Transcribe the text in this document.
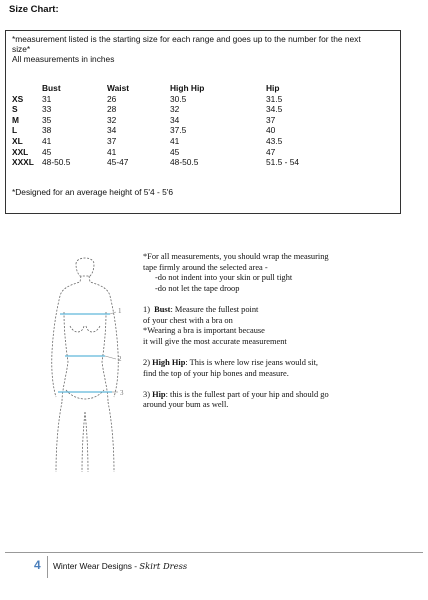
Size Chart:

*measurement listed is the starting size for each range and goes up to the number for the next

size*

All measurements in inches

Bust	Waist	High Hip	Hip
XS 31	26	30.5	31.5
S	33	28	32	34.5
M	35	32	34	37
L	38	34	37.5	40
XL 41	37	41	43.5
XXL 45	41	45	47
XXXL 48-50.5	45-47	48-50.5	51.5 - 54
*Designed for an average height of 5'4 - 5'6
1
2
3

*For all measurements, you should wrap the measuring

tape firmly around the selected area -

-do not indent into your skin or pull tight

-do not let the tape droop

1) Bust: Measure the fullest point

of your chest with a bra on

*Wearing a bra is important because

it will give the most accurate measurement

2) High Hip: This is where low rise jeans would sit,

find the top of your hip bones and measure.

3) Hip: this is the fullest part of your hip and should go

around your bum as well.

4 Winter Wear Designs - Skirt Dress
